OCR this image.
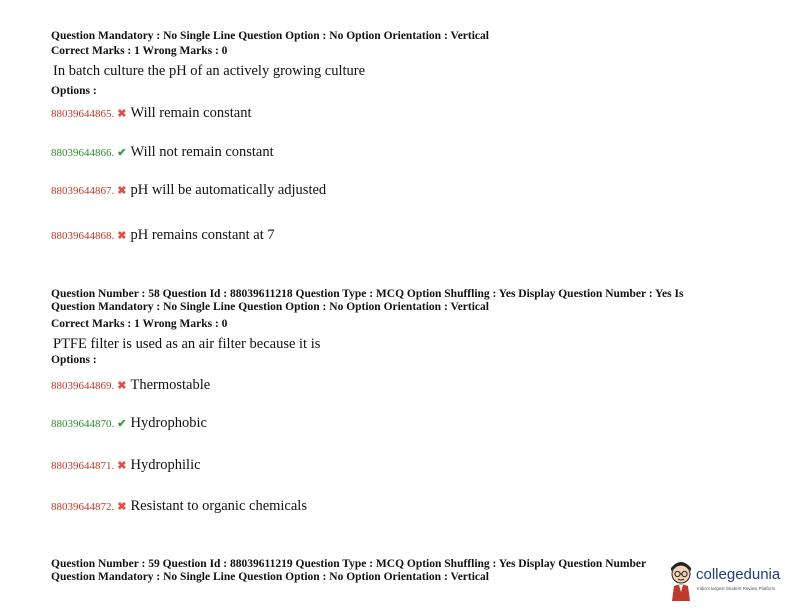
Question Mandatory : No Single Line Question Option : No Option Orientation : Vertical
Correct Marks : 1 Wrong Marks : 0
In batch culture the pH of an actively growing culture
Options :
88039644865. ✖ Will remain constant
88039644866. ✔ Will not remain constant
88039644867. ✖ pH will be automatically adjusted
88039644868. ✖ pH remains constant at 7
Question Number : 58 Question Id : 88039611218 Question Type : MCQ Option Shuffling : Yes Display Question Number : Yes Is
Question Mandatory : No Single Line Question Option : No Option Orientation : Vertical
Correct Marks : 1 Wrong Marks : 0
PTFE filter is used as an air filter because it is
Options :
88039644869. ✖ Thermostable
88039644870. ✔ Hydrophobic
88039644871. ✖ Hydrophilic
88039644872. ✖ Resistant to organic chemicals
Question Number : 59 Question Id : 88039611219 Question Type : MCQ Option Shuffling : Yes Display Question Number
Question Mandatory : No Single Line Question Option : No Option Orientation : Vertical	collegedunia
India's largest Student Review Platform
